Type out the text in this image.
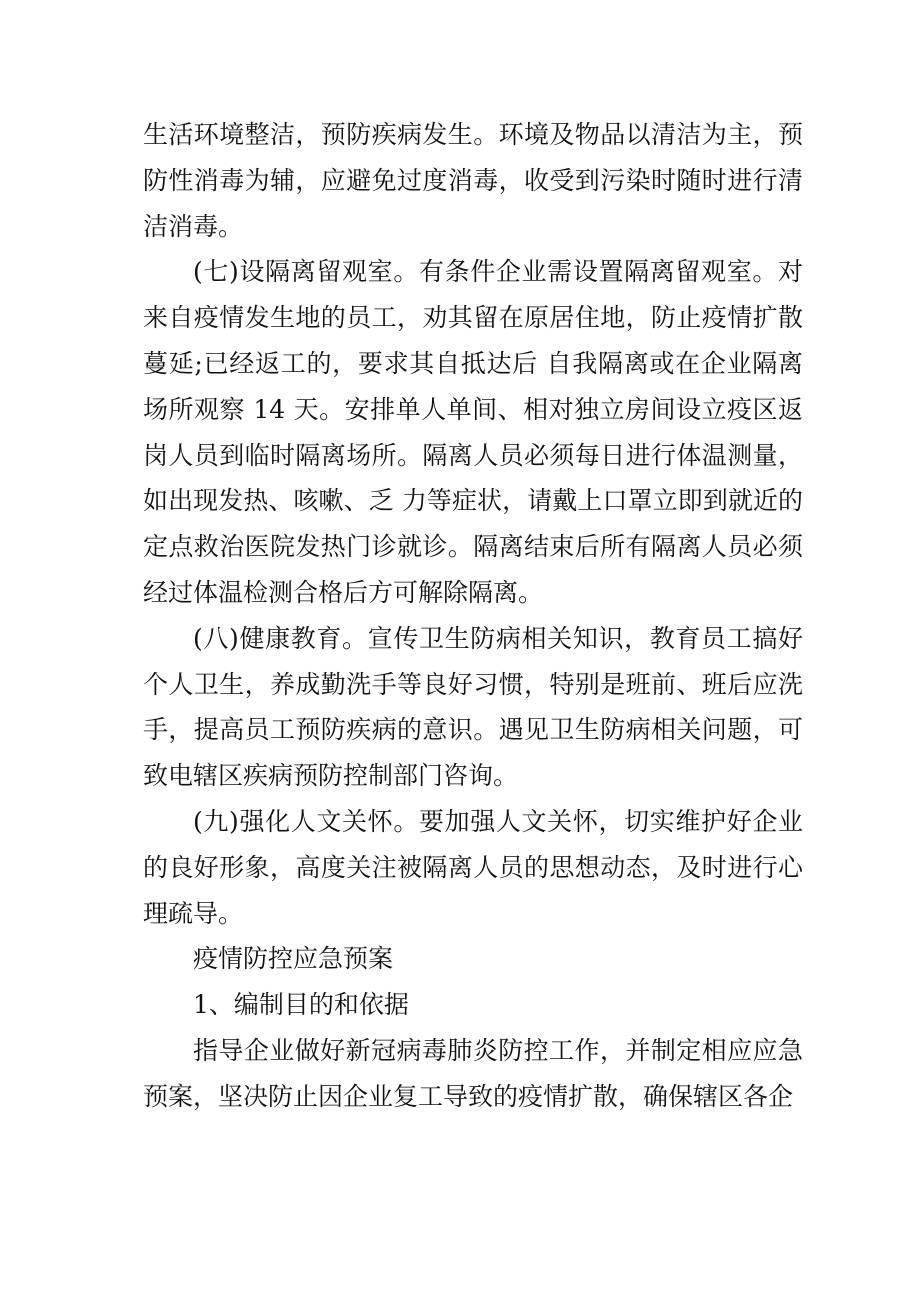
生活环境整洁，预防疾病发生。环境及物品以清洁为主，预防性消毒为辅，应避免过度消毒，收受到污染时随时进行清洁消毒。

(七)设隔离留观室。有条件企业需设置隔离留观室。对来自疫情发生地的员工，劝其留在原居住地，防止疫情扩散蔓延;已经返工的，要求其自抵达后 自我隔离或在企业隔离场所观察 14 天。安排单人单间、相对独立房间设立疫区返岗人员到临时隔离场所。隔离人员必须每日进行体温测量，如出现发热、咳嗽、乏 力等症状，请戴上口罩立即到就近的定点救治医院发热门诊就诊。隔离结束后所有隔离人员必须经过体温检测合格后方可解除隔离。

(八)健康教育。宣传卫生防病相关知识，教育员工搞好个人卫生，养成勤洗手等良好习惯，特别是班前、班后应洗手，提高员工预防疾病的意识。遇见卫生防病相关问题，可致电辖区疾病预防控制部门咨询。

(九)强化人文关怀。要加强人文关怀，切实维护好企业的良好形象，高度关注被隔离人员的思想动态，及时进行心理疏导。

疫情防控应急预案

1、编制目的和依据

指导企业做好新冠病毒肺炎防控工作，并制定相应应急预案，坚决防止因企业复工导致的疫情扩散，确保辖区各企
